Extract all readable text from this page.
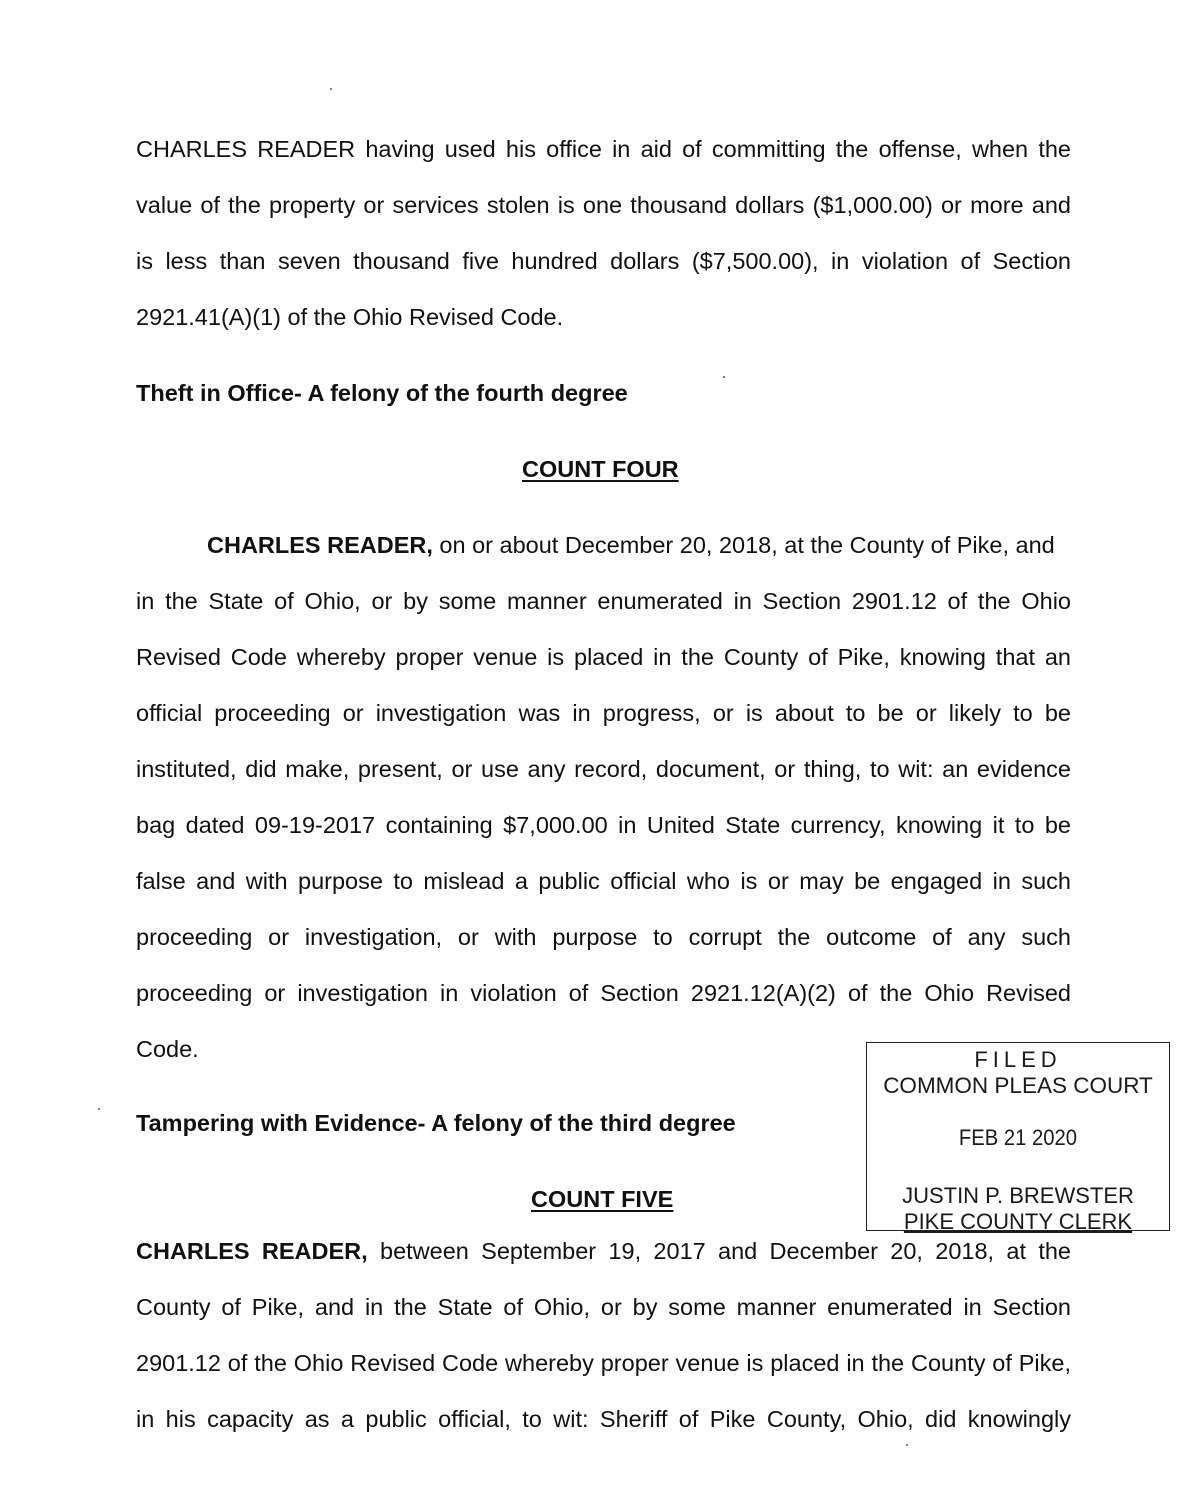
CHARLES READER having used his office in aid of committing the offense, when the
value of the property or services stolen is one thousand dollars ($1,000.00) or more and
is less than seven thousand five hundred dollars ($7,500.00), in violation of Section
2921.41(A)(1) of the Ohio Revised Code.
Theft in Office- A felony of the fourth degree
COUNT FOUR
CHARLES READER, on or about December 20, 2018, at the County of Pike, and
in the State of Ohio, or by some manner enumerated in Section 2901.12 of the Ohio
Revised Code whereby proper venue is placed in the County of Pike, knowing that an
official proceeding or investigation was in progress, or is about to be or likely to be
instituted, did make, present, or use any record, document, or thing, to wit: an evidence
bag dated 09-19-2017 containing $7,000.00 in United State currency, knowing it to be
false and with purpose to mislead a public official who is or may be engaged in such
proceeding or investigation, or with purpose to corrupt the outcome of any such
proceeding or investigation in violation of Section 2921.12(A)(2) of the Ohio Revised
Code.
Tampering with Evidence- A felony of the third degree
COUNT FIVE
CHARLES READER, between September 19, 2017 and December 20, 2018, at the
County of Pike, and in the State of Ohio, or by some manner enumerated in Section
2901.12 of the Ohio Revised Code whereby proper venue is placed in the County of Pike,
in his capacity as a public official, to wit: Sheriff of Pike County, Ohio, did knowingly
FILED
COMMON PLEAS COURT
FEB 21 2020
JUSTIN P. BREWSTER
PIKE COUNTY CLERK
